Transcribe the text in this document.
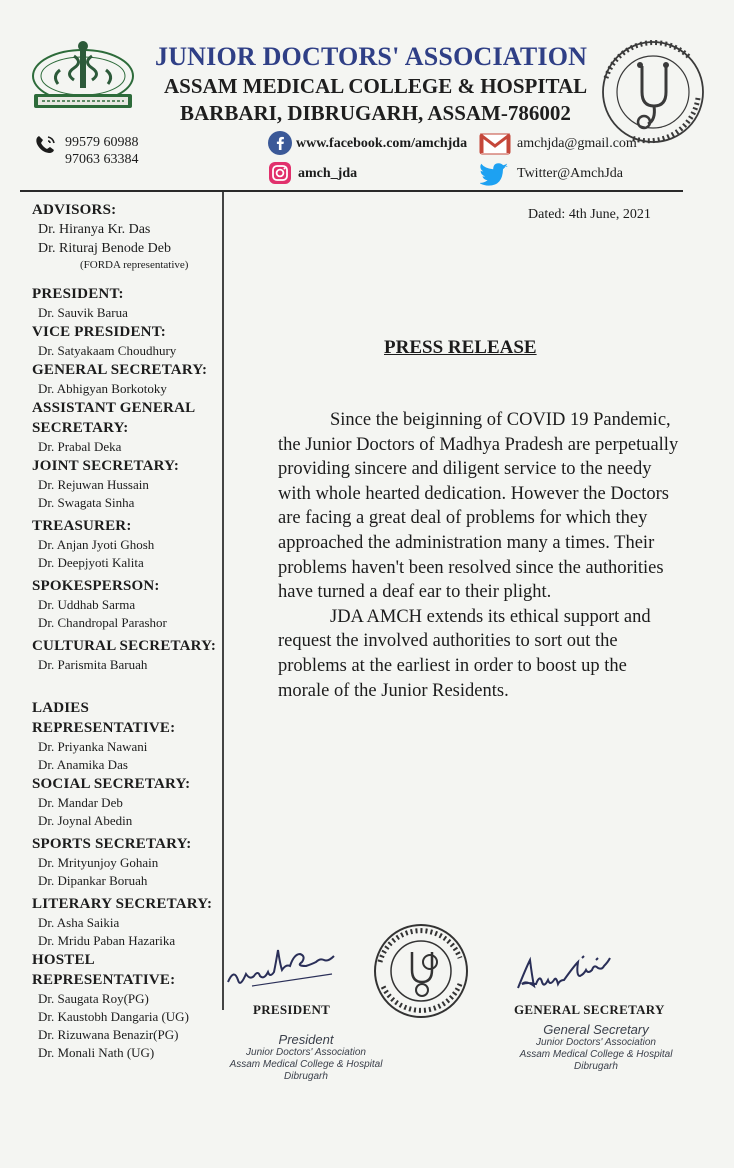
JUNIOR DOCTORS' ASSOCIATION
ASSAM MEDICAL COLLEGE & HOSPITAL
BARBARI, DIBRUGARH, ASSAM-786002
99579 60988
97063 63384
www.facebook.com/amchjda	amchjda@gmail.com
amch_jda	Twitter@AmchJda
ADVISORS:
Dr. Hiranya Kr. Das
Dr. Rituraj Benode Deb
(FORDA representative)
PRESIDENT:
Dr. Sauvik Barua
VICE PRESIDENT:
Dr. Satyakaam Choudhury
GENERAL SECRETARY:
Dr. Abhigyan Borkotoky
ASSISTANT GENERAL SECRETARY:
Dr. Prabal Deka
JOINT SECRETARY:
Dr. Rejuwan Hussain
Dr. Swagata Sinha
TREASURER:
Dr. Anjan Jyoti Ghosh
Dr. Deepjyoti Kalita
SPOKESPERSON:
Dr. Uddhab Sarma
Dr. Chandropal Parashor
CULTURAL SECRETARY:
Dr. Parismita Baruah
LADIES REPRESENTATIVE:
Dr. Priyanka Nawani
Dr. Anamika Das
SOCIAL SECRETARY:
Dr. Mandar Deb
Dr. Joynal Abedin
SPORTS SECRETARY:
Dr. Mrityunjoy Gohain
Dr. Dipankar Boruah
LITERARY SECRETARY:
Dr. Asha Saikia
Dr. Mridu Paban Hazarika
HOSTEL REPRESENTATIVE:
Dr. Saugata Roy(PG)
Dr. Kaustobh Dangaria (UG)
Dr. Rizuwana Benazir(PG)
Dr. Monali Nath (UG)
Dated: 4th June, 2021
PRESS RELEASE

Since the beiginning of COVID 19 Pandemic, the Junior Doctors of Madhya Pradesh are perpetually providing sincere and diligent service to the needy with whole hearted dedication. However the Doctors are facing a great deal of problems for which they approached the administration many a times. Their problems haven't been resolved since the authorities have turned a deaf ear to their plight.

JDA AMCH extends its ethical support and request the involved authorities to sort out the problems at the earliest in order to boost up the morale of the Junior Residents.

PRESIDENT
President
Junior Doctors' Association
Assam Medical College & Hospital
Dibrugarh
GENERAL SECRETARY
General Secretary
Junior Doctors' Association
Assam Medical College & Hospital
Dibrugarh
